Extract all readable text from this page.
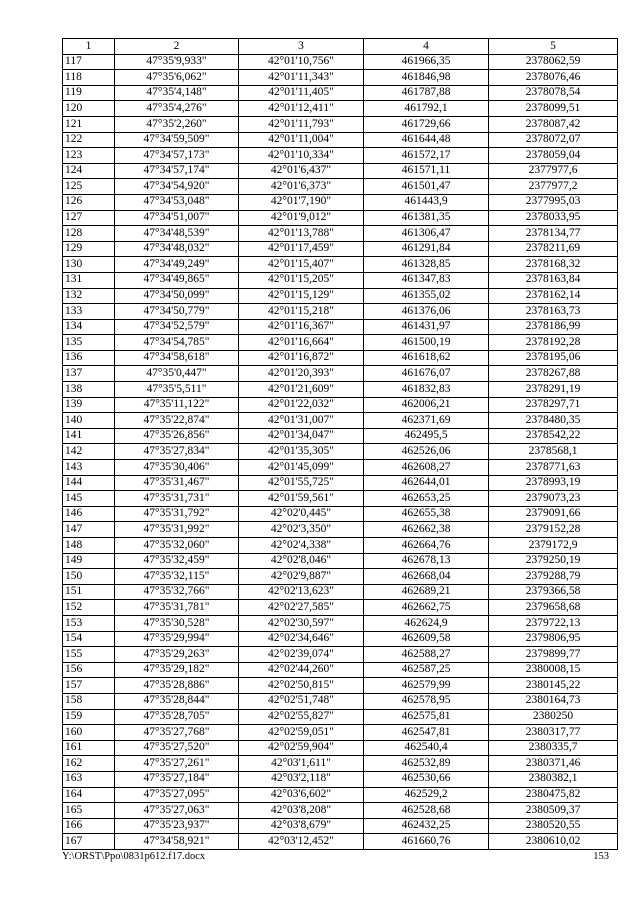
1	2	3	4	5
117	47°35'9,933"	42°01'10,756"	461966,35	2378062,59
118	47°35'6,062"	42°01'11,343"	461846,98	2378076,46
119	47°35'4,148"	42°01'11,405"	461787,88	2378078,54
120	47°35'4,276"	42°01'12,411"	461792,1	2378099,51
121	47°35'2,260"	42°01'11,793"	461729,66	2378087,42
122	47°34'59,509"	42°01'11,004"	461644,48	2378072,07
123	47°34'57,173"	42°01'10,334"	461572,17	2378059,04
124	47°34'57,174"	42°01'6,437"	461571,11	2377977,6
125	47°34'54,920"	42°01'6,373"	461501,47	2377977,2
126	47°34'53,048"	42°01'7,190"	461443,9	2377995,03
127	47°34'51,007"	42°01'9,012"	461381,35	2378033,95
128	47°34'48,539"	42°01'13,788"	461306,47	2378134,77
129	47°34'48,032"	42°01'17,459"	461291,84	2378211,69
130	47°34'49,249"	42°01'15,407"	461328,85	2378168,32
131	47°34'49,865"	42°01'15,205"	461347,83	2378163,84
132	47°34'50,099"	42°01'15,129"	461355,02	2378162,14
133	47°34'50,779"	42°01'15,218"	461376,06	2378163,73
134	47°34'52,579"	42°01'16,367"	461431,97	2378186,99
135	47°34'54,785"	42°01'16,664"	461500,19	2378192,28
136	47°34'58,618"	42°01'16,872"	461618,62	2378195,06
137	47°35'0,447"	42°01'20,393"	461676,07	2378267,88
138	47°35'5,511"	42°01'21,609"	461832,83	2378291,19
139	47°35'11,122"	42°01'22,032"	462006,21	2378297,71
140	47°35'22,874"	42°01'31,007"	462371,69	2378480,35
141	47°35'26,856"	42°01'34,047"	462495,5	2378542,22
142	47°35'27,834"	42°01'35,305"	462526,06	2378568,1
143	47°35'30,406"	42°01'45,099"	462608,27	2378771,63
144	47°35'31,467"	42°01'55,725"	462644,01	2378993,19
145	47°35'31,731"	42°01'59,561"	462653,25	2379073,23
146	47°35'31,792"	42°02'0,445"	462655,38	2379091,66
147	47°35'31,992"	42°02'3,350"	462662,38	2379152,28
148	47°35'32,060"	42°02'4,338"	462664,76	2379172,9
149	47°35'32,459"	42°02'8,046"	462678,13	2379250,19
150	47°35'32,115"	42°02'9,887"	462668,04	2379288,79
151	47°35'32,766"	42°02'13,623"	462689,21	2379366,58
152	47°35'31,781"	42°02'27,585"	462662,75	2379658,68
153	47°35'30,528"	42°02'30,597"	462624,9	2379722,13
154	47°35'29,994"	42°02'34,646"	462609,58	2379806,95
155	47°35'29,263"	42°02'39,074"	462588,27	2379899,77
156	47°35'29,182"	42°02'44,260"	462587,25	2380008,15
157	47°35'28,886"	42°02'50,815"	462579,99	2380145,22
158	47°35'28,844"	42°02'51,748"	462578,95	2380164,73
159	47°35'28,705"	42°02'55,827"	462575,81	2380250
160	47°35'27,768"	42°02'59,051"	462547,81	2380317,77
161	47°35'27,520"	42°02'59,904"	462540,4	2380335,7
162	47°35'27,261"	42°03'1,611"	462532,89	2380371,46
163	47°35'27,184"	42°03'2,118"	462530,66	2380382,1
164	47°35'27,095"	42°03'6,602"	462529,2	2380475,82
165	47°35'27,063"	42°03'8,208"	462528,68	2380509,37
166	47°35'23,937"	42°03'8,679"	462432,25	2380520,55
167	47°34'58,921"	42°03'12,452"	461660,76	2380610,02
Y:\ORST\Ppo\0831p612.f17.docx	153
